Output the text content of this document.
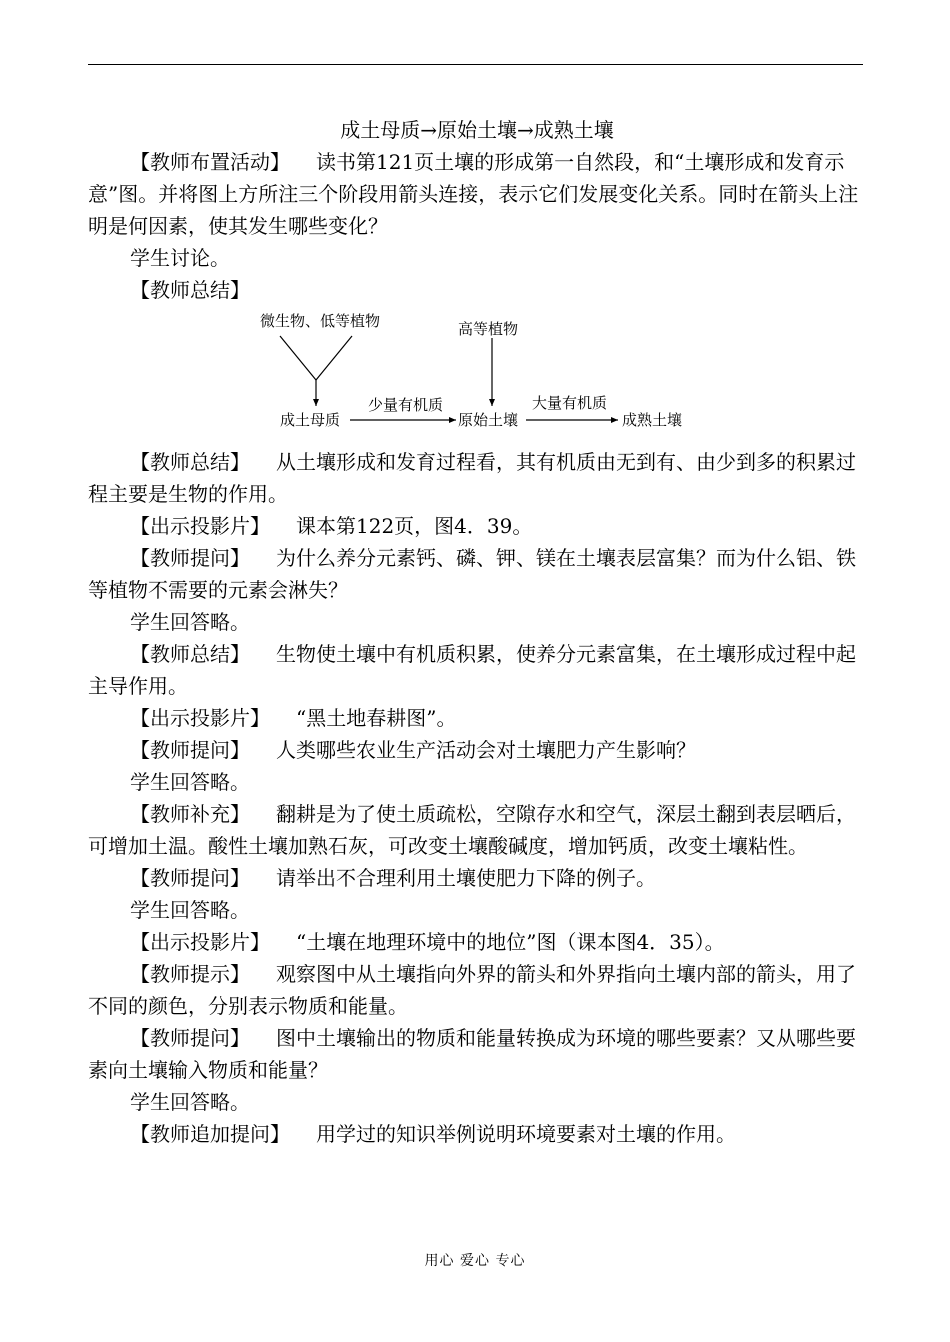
成土母质→原始土壤→成熟土壤

【教师布置活动】 读书第121页土壤的形成第一自然段，和“土壤形成和发育示意”图。并将图上方所注三个阶段用箭头连接，表示它们发展变化关系。同时在箭头上注明是何因素，使其发生哪些变化？

学生讨论。

【教师总结】

微生物、低等植物	高等植物
成土母质	原始土壤	成熟土壤
少量有机质	大量有机质

【教师总结】 从土壤形成和发育过程看，其有机质由无到有、由少到多的积累过程主要是生物的作用。

【出示投影片】 课本第122页，图4．39。

【教师提问】 为什么养分元素钙、磷、钾、镁在土壤表层富集？而为什么铝、铁等植物不需要的元素会淋失？

学生回答略。

【教师总结】 生物使土壤中有机质积累，使养分元素富集，在土壤形成过程中起主导作用。

【出示投影片】 “黑土地春耕图”。

【教师提问】 人类哪些农业生产活动会对土壤肥力产生影响？

学生回答略。

【教师补充】 翻耕是为了使土质疏松，空隙存水和空气，深层土翻到表层晒后，可增加土温。酸性土壤加熟石灰，可改变土壤酸碱度，增加钙质，改变土壤粘性。

【教师提问】 请举出不合理利用土壤使肥力下降的例子。

学生回答略。

【出示投影片】 “土壤在地理环境中的地位”图（课本图4．35）。

【教师提示】 观察图中从土壤指向外界的箭头和外界指向土壤内部的箭头，用了不同的颜色，分别表示物质和能量。

【教师提问】 图中土壤输出的物质和能量转换成为环境的哪些要素？又从哪些要素向土壤输入物质和能量？

学生回答略。

【教师追加提问】 用学过的知识举例说明环境要素对土壤的作用。

用心 爱心 专心
